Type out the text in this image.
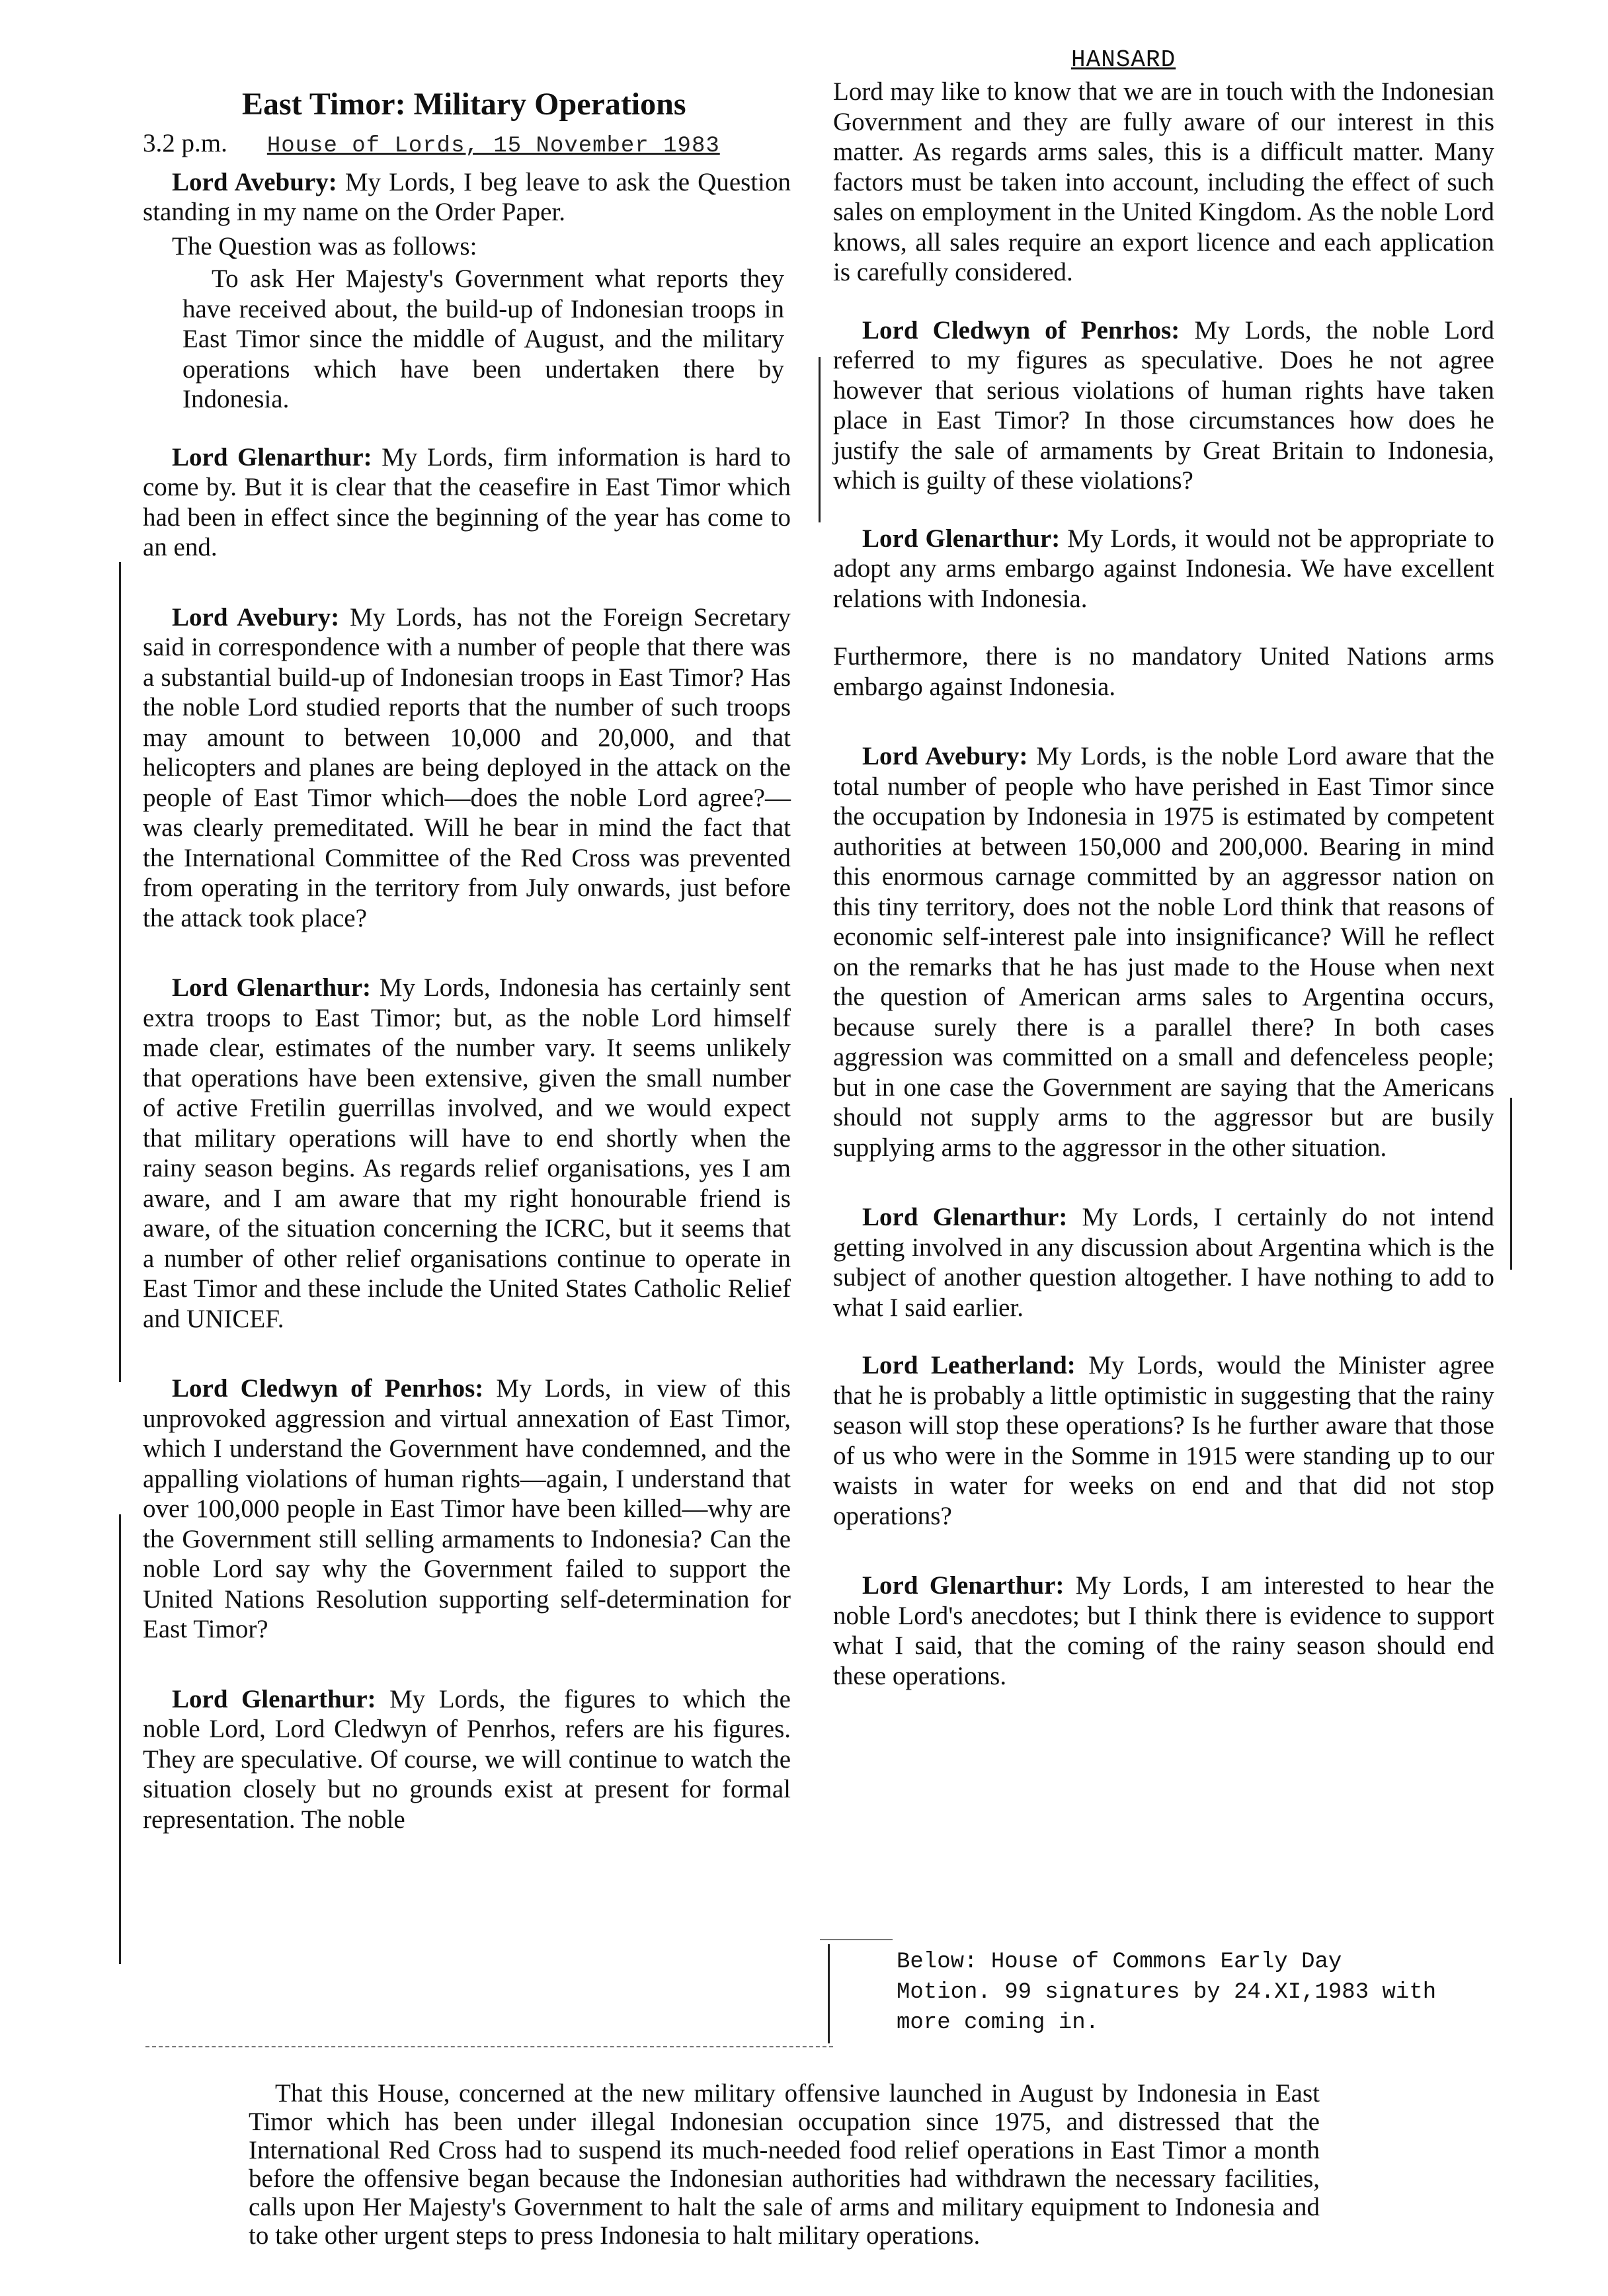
HANSARD
East Timor: Military Operations
3.2 p.m. House of Lords, 15 November 1983

Lord Avebury: My Lords, I beg leave to ask the Question standing in my name on the Order Paper.

The Question was as follows:

To ask Her Majesty's Government what reports they have received about, the build-up of Indonesian troops in East Timor since the middle of August, and the military operations which have been undertaken there by Indonesia.

Lord Glenarthur: My Lords, firm information is hard to come by. But it is clear that the ceasefire in East Timor which had been in effect since the beginning of the year has come to an end.

Lord Avebury: My Lords, has not the Foreign Secretary said in correspondence with a number of people that there was a substantial build-up of Indonesian troops in East Timor? Has the noble Lord studied reports that the number of such troops may amount to between 10,000 and 20,000, and that helicopters and planes are being deployed in the attack on the people of East Timor which—does the noble Lord agree?—was clearly premeditated. Will he bear in mind the fact that the International Committee of the Red Cross was prevented from operating in the territory from July onwards, just before the attack took place?

Lord Glenarthur: My Lords, Indonesia has certainly sent extra troops to East Timor; but, as the noble Lord himself made clear, estimates of the number vary. It seems unlikely that operations have been extensive, given the small number of active Fretilin guerrillas involved, and we would expect that military operations will have to end shortly when the rainy season begins. As regards relief organisations, yes I am aware, and I am aware that my right honourable friend is aware, of the situation concerning the ICRC, but it seems that a number of other relief organisations continue to operate in East Timor and these include the United States Catholic Relief and UNICEF.

Lord Cledwyn of Penrhos: My Lords, in view of this unprovoked aggression and virtual annexation of East Timor, which I understand the Government have condemned, and the appalling violations of human rights—again, I understand that over 100,000 people in East Timor have been killed—why are the Government still selling armaments to Indonesia? Can the noble Lord say why the Government failed to support the United Nations Resolution supporting self-determination for East Timor?

Lord Glenarthur: My Lords, the figures to which the noble Lord, Lord Cledwyn of Penrhos, refers are his figures. They are speculative. Of course, we will continue to watch the situation closely but no grounds exist at present for formal representation. The noble

Lord may like to know that we are in touch with the Indonesian Government and they are fully aware of our interest in this matter. As regards arms sales, this is a difficult matter. Many factors must be taken into account, including the effect of such sales on employment in the United Kingdom. As the noble Lord knows, all sales require an export licence and each application is carefully considered.

Lord Cledwyn of Penrhos: My Lords, the noble Lord referred to my figures as speculative. Does he not agree however that serious violations of human rights have taken place in East Timor? In those circumstances how does he justify the sale of armaments by Great Britain to Indonesia, which is guilty of these violations?

Lord Glenarthur: My Lords, it would not be appropriate to adopt any arms embargo against Indonesia. We have excellent relations with Indonesia.

Furthermore, there is no mandatory United Nations arms embargo against Indonesia.

Lord Avebury: My Lords, is the noble Lord aware that the total number of people who have perished in East Timor since the occupation by Indonesia in 1975 is estimated by competent authorities at between 150,000 and 200,000. Bearing in mind this enormous carnage committed by an aggressor nation on this tiny territory, does not the noble Lord think that reasons of economic self-interest pale into insignificance? Will he reflect on the remarks that he has just made to the House when next the question of American arms sales to Argentina occurs, because surely there is a parallel there? In both cases aggression was committed on a small and defenceless people; but in one case the Government are saying that the Americans should not supply arms to the aggressor but are busily supplying arms to the aggressor in the other situation.

Lord Glenarthur: My Lords, I certainly do not intend getting involved in any discussion about Argentina which is the subject of another question altogether. I have nothing to add to what I said earlier.

Lord Leatherland: My Lords, would the Minister agree that he is probably a little optimistic in suggesting that the rainy season will stop these operations? Is he further aware that those of us who were in the Somme in 1915 were standing up to our waists in water for weeks on end and that did not stop operations?

Lord Glenarthur: My Lords, I am interested to hear the noble Lord's anecdotes; but I think there is evidence to support what I said, that the coming of the rainy season should end these operations.

Below: House of Commons Early Day

Motion. 99 signatures by 24.XI,1983 with

more coming in.

That this House, concerned at the new military offensive launched in August by Indonesia in East Timor which has been under illegal Indonesian occupation since 1975, and distressed that the International Red Cross had to suspend its much-needed food relief operations in East Timor a month before the offensive began because the Indonesian authorities had withdrawn the necessary facilities, calls upon Her Majesty's Government to halt the sale of arms and military equipment to Indonesia and to take other urgent steps to press Indonesia to halt military operations.
